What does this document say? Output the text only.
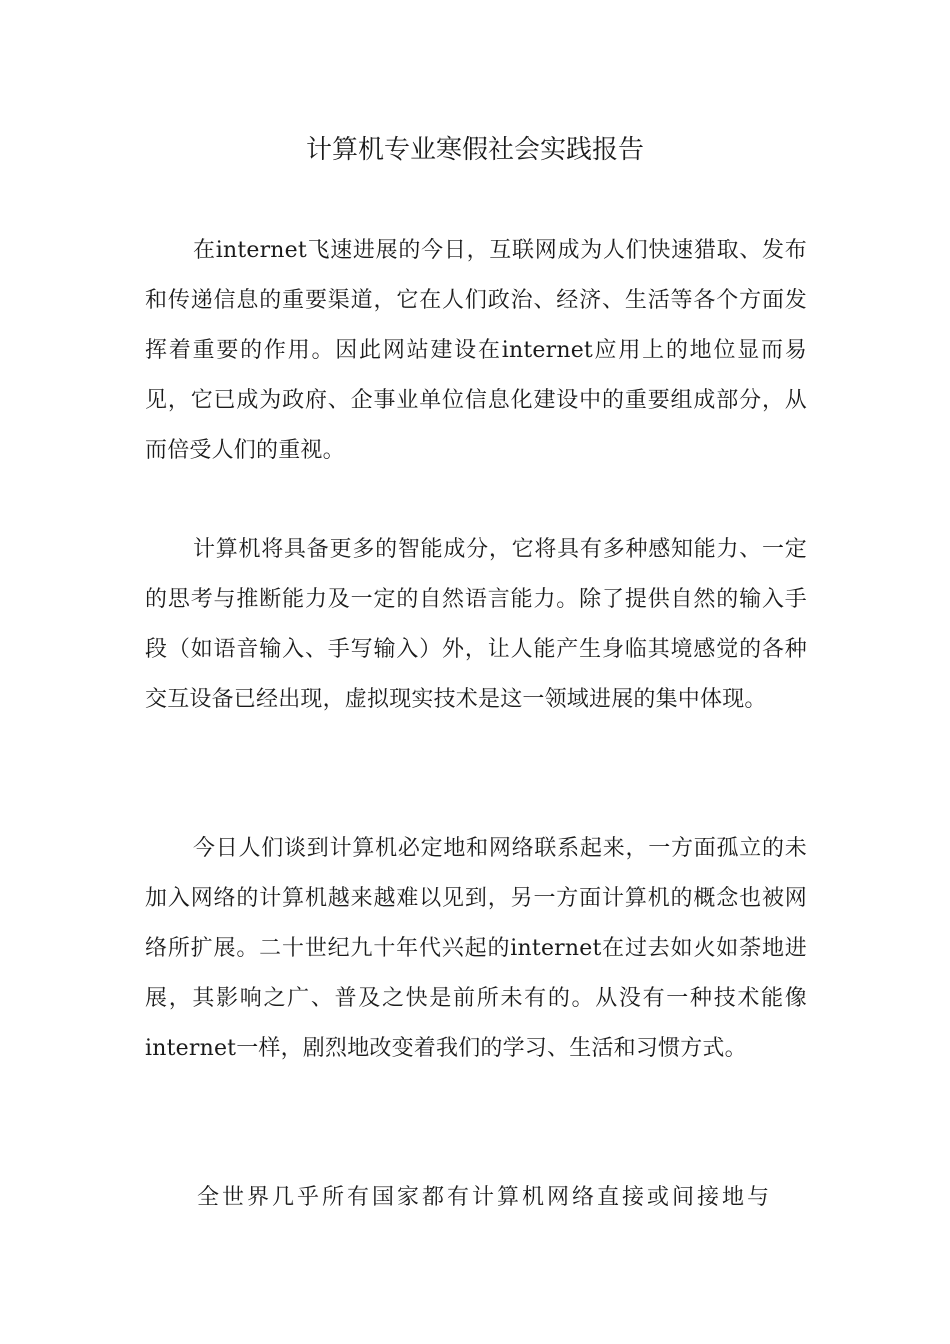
计算机专业寒假社会实践报告

在internet飞速进展的今日，互联网成为人们快速猎取、发布和传递信息的重要渠道，它在人们政治、经济、生活等各个方面发挥着重要的作用。因此网站建设在internet应用上的地位显而易见，它已成为政府、企事业单位信息化建设中的重要组成部分，从而倍受人们的重视。

计算机将具备更多的智能成分，它将具有多种感知能力、一定的思考与推断能力及一定的自然语言能力。除了提供自然的输入手段（如语音输入、手写输入）外，让人能产生身临其境感觉的各种交互设备已经出现，虚拟现实技术是这一领域进展的集中体现。

今日人们谈到计算机必定地和网络联系起来，一方面孤立的未加入网络的计算机越来越难以见到，另一方面计算机的概念也被网络所扩展。二十世纪九十年代兴起的internet在过去如火如荼地进展，其影响之广、普及之快是前所未有的。从没有一种技术能像internet一样，剧烈地改变着我们的学习、生活和习惯方式。

全世界几乎所有国家都有计算机网络直接或间接地与
